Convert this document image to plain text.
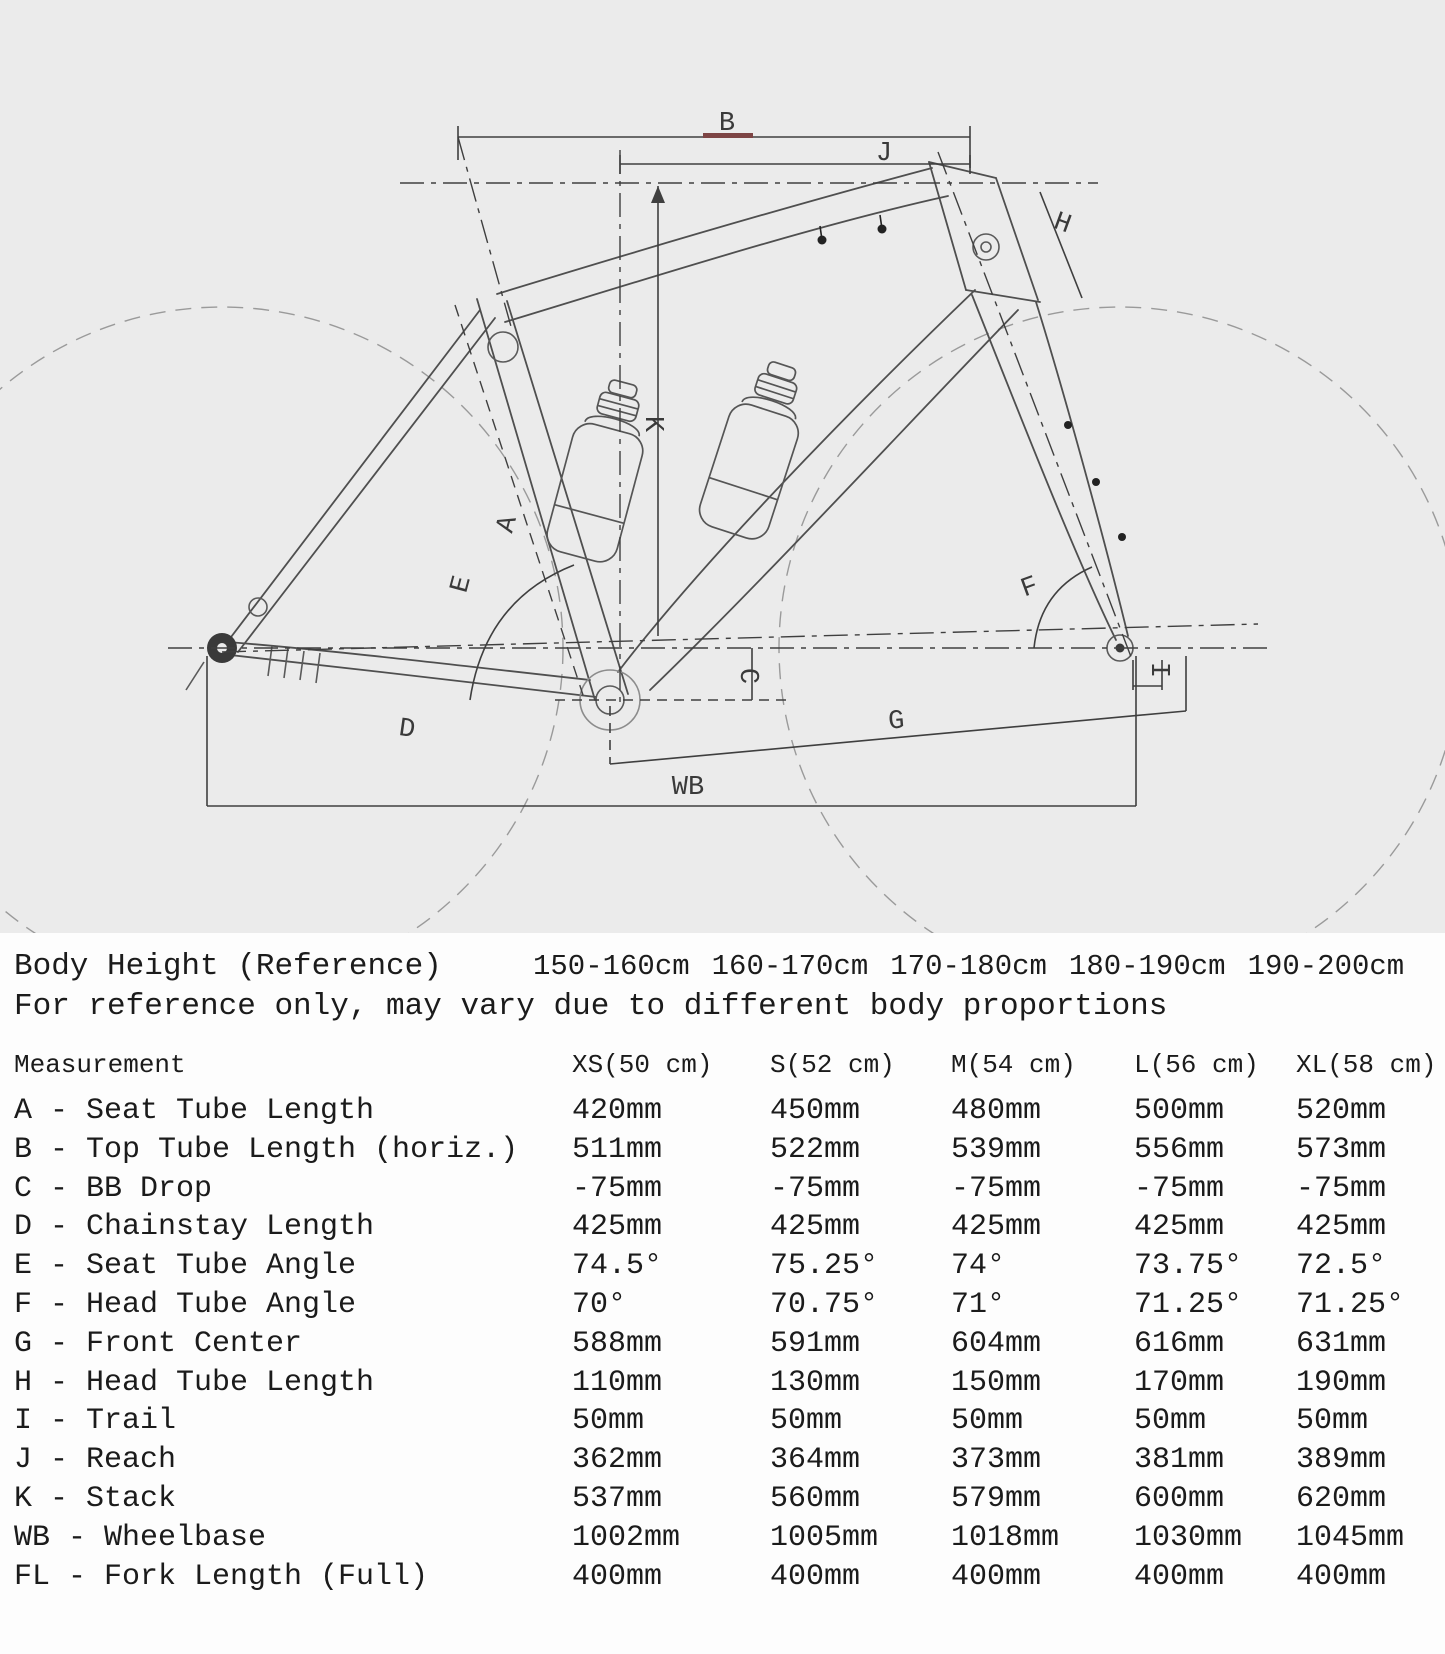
B
J
H
K
A
E	F
C
G
D
WB
I
Body Height (Reference)	150-160cm 160-170cm 170-180cm 180-190cm 190-200cm
For reference only, may vary due to different body proportions
Measurement	XS(50 cm)	S(52 cm)	M(54 cm)	L(56 cm)	XL(58 cm)
A - Seat Tube Length	420mm	450mm	480mm	500mm	520mm
B - Top Tube Length (horiz.)	511mm	522mm	539mm	556mm	573mm
C - BB Drop	-75mm	-75mm	-75mm	-75mm	-75mm
D - Chainstay Length	425mm	425mm	425mm	425mm	425mm
E - Seat Tube Angle	74.5°	75.25°	74°	73.75°	72.5°
F - Head Tube Angle	70°	70.75°	71°	71.25°	71.25°
G - Front Center	588mm	591mm	604mm	616mm	631mm
H - Head Tube Length	110mm	130mm	150mm	170mm	190mm
I - Trail	50mm	50mm	50mm	50mm	50mm
J - Reach	362mm	364mm	373mm	381mm	389mm
K - Stack	537mm	560mm	579mm	600mm	620mm
WB - Wheelbase	1002mm	1005mm	1018mm	1030mm	1045mm
FL - Fork Length (Full)	400mm	400mm	400mm	400mm	400mm
